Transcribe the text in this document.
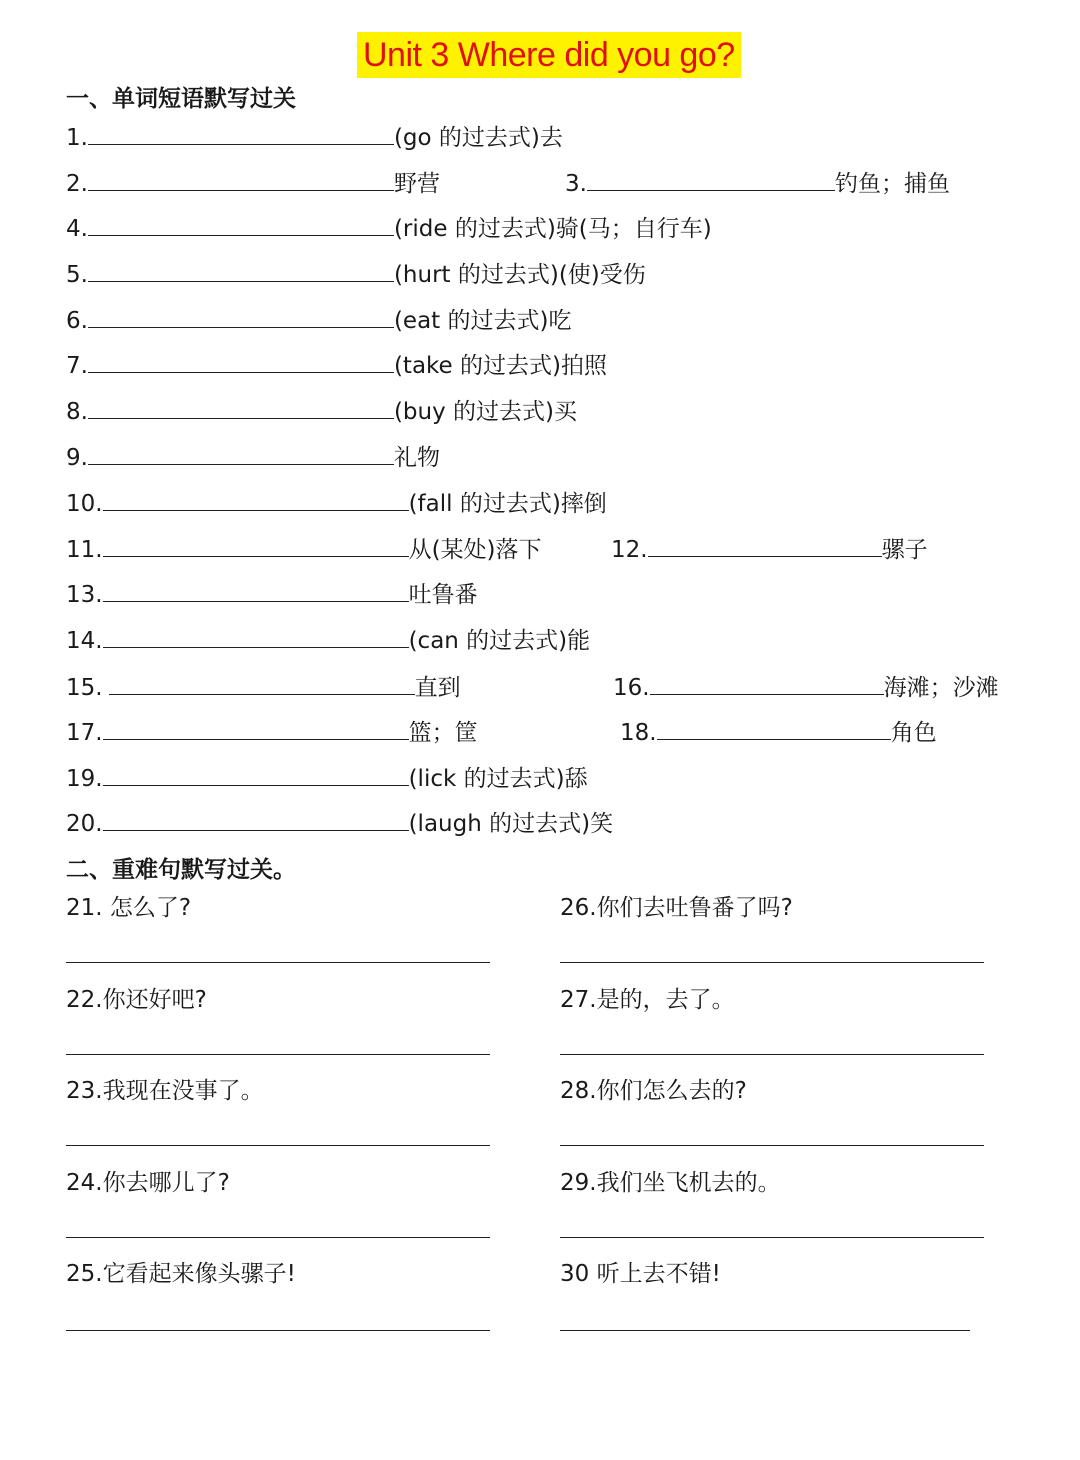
Unit 3 Where did you go?
一、单词短语默写过关
1.	(go 的过去式)去
2.	野营	3.	钓鱼；捕鱼
4.	(ride 的过去式)骑(马；自行车)
5.	(hurt 的过去式)(使)受伤
6.	(eat 的过去式)吃
7.	(take 的过去式)拍照
8.	(buy 的过去式)买
9.	礼物
10.	(fall 的过去式)摔倒
11.	从(某处)落下	12.	骡子
13.	吐鲁番
14.	(can 的过去式)能
15.	直到	16.	海滩；沙滩
17.	篮；筐	18.	角色
19.	(lick 的过去式)舔
20.	(laugh 的过去式)笑
二、重难句默写过关。
21. 怎么了?
22.你还好吧?
23.我现在没事了。
24.你去哪儿了?
25.它看起来像头骡子!
26.你们去吐鲁番了吗?
27.是的，去了。
28.你们怎么去的?
29.我们坐飞机去的。
30 听上去不错!
